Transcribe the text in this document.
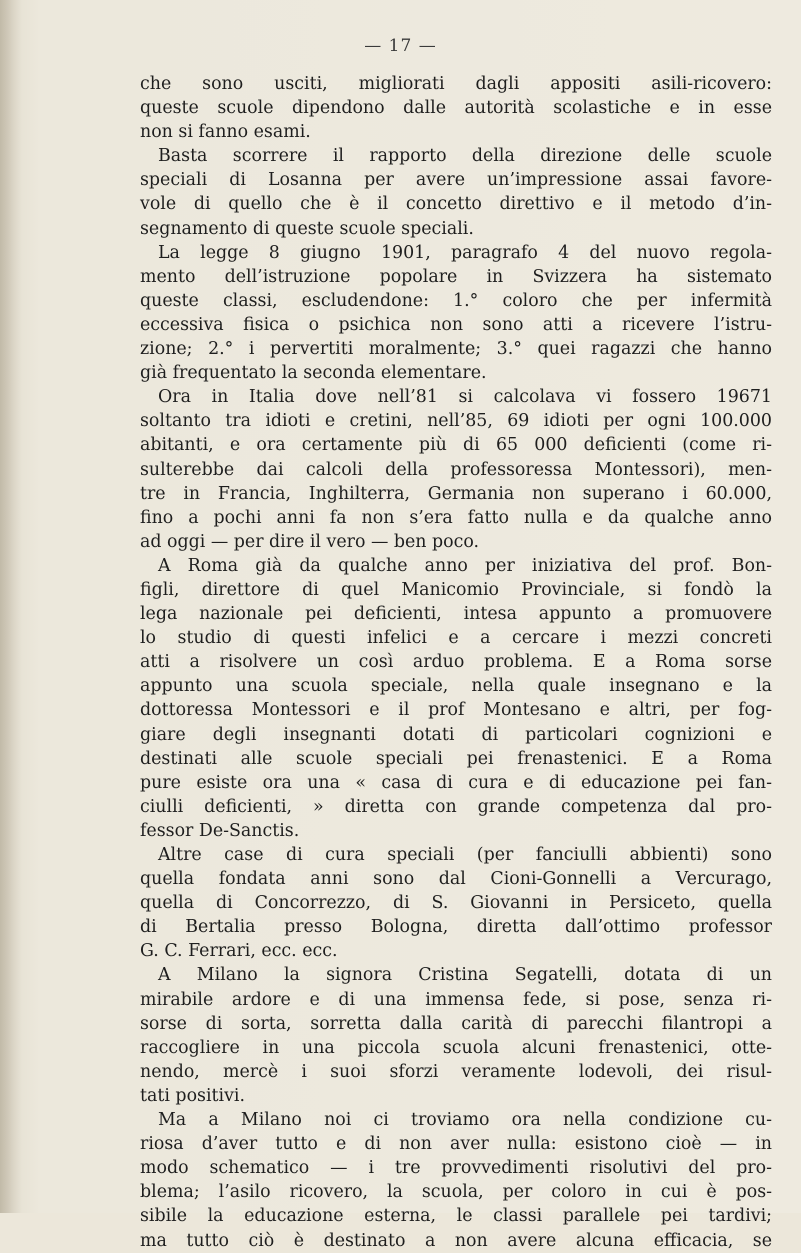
— 17 —
che sono usciti, migliorati dagli appositi asili-ricovero:
queste scuole dipendono dalle autorità scolastiche e in esse
non si fanno esami.
Basta scorrere il rapporto della direzione delle scuole
speciali di Losanna per avere un’impressione assai favore-
vole di quello che è il concetto direttivo e il metodo d’in-
segnamento di queste scuole speciali.
La legge 8 giugno 1901, paragrafo 4 del nuovo regola-
mento dell’istruzione popolare in Svizzera ha sistemato
queste classi, escludendone: 1.° coloro che per infermità
eccessiva fisica o psichica non sono atti a ricevere l’istru-
zione; 2.° i pervertiti moralmente; 3.° quei ragazzi che hanno
già frequentato la seconda elementare.
Ora in Italia dove nell’81 si calcolava vi fossero 19671
soltanto tra idioti e cretini, nell’85, 69 idioti per ogni 100.000
abitanti, e ora certamente più di 65 000 deficienti (come ri-
sulterebbe dai calcoli della professoressa Montessori), men-
tre in Francia, Inghilterra, Germania non superano i 60.000,
fino a pochi anni fa non s’era fatto nulla e da qualche anno
ad oggi — per dire il vero — ben poco.
A Roma già da qualche anno per iniziativa del prof. Bon-
figli, direttore di quel Manicomio Provinciale, si fondò la
lega nazionale pei deficienti, intesa appunto a promuovere
lo studio di questi infelici e a cercare i mezzi concreti
atti a risolvere un così arduo problema. E a Roma sorse
appunto una scuola speciale, nella quale insegnano e la
dottoressa Montessori e il prof Montesano e altri, per fog-
giare degli insegnanti dotati di particolari cognizioni e
destinati alle scuole speciali pei frenastenici. E a Roma
pure esiste ora una « casa di cura e di educazione pei fan-
ciulli deficienti, » diretta con grande competenza dal pro-
fessor De-Sanctis.
Altre case di cura speciali (per fanciulli abbienti) sono
quella fondata anni sono dal Cioni-Gonnelli a Vercurago,
quella di Concorrezzo, di S. Giovanni in Persiceto, quella
di Bertalia presso Bologna, diretta dall’ottimo professor
G. C. Ferrari, ecc. ecc.
A Milano la signora Cristina Segatelli, dotata di un
mirabile ardore e di una immensa fede, si pose, senza ri-
sorse di sorta, sorretta dalla carità di parecchi filantropi a
raccogliere in una piccola scuola alcuni frenastenici, otte-
nendo, mercè i suoi sforzi veramente lodevoli, dei risul-
tati positivi.
Ma a Milano noi ci troviamo ora nella condizione cu-
riosa d’aver tutto e di non aver nulla: esistono cioè — in
modo schematico — i tre provvedimenti risolutivi del pro-
blema; l’asilo ricovero, la scuola, per coloro in cui è pos-
sibile la educazione esterna, le classi parallele pei tardivi;
ma tutto ciò è destinato a non avere alcuna efficacia, se
